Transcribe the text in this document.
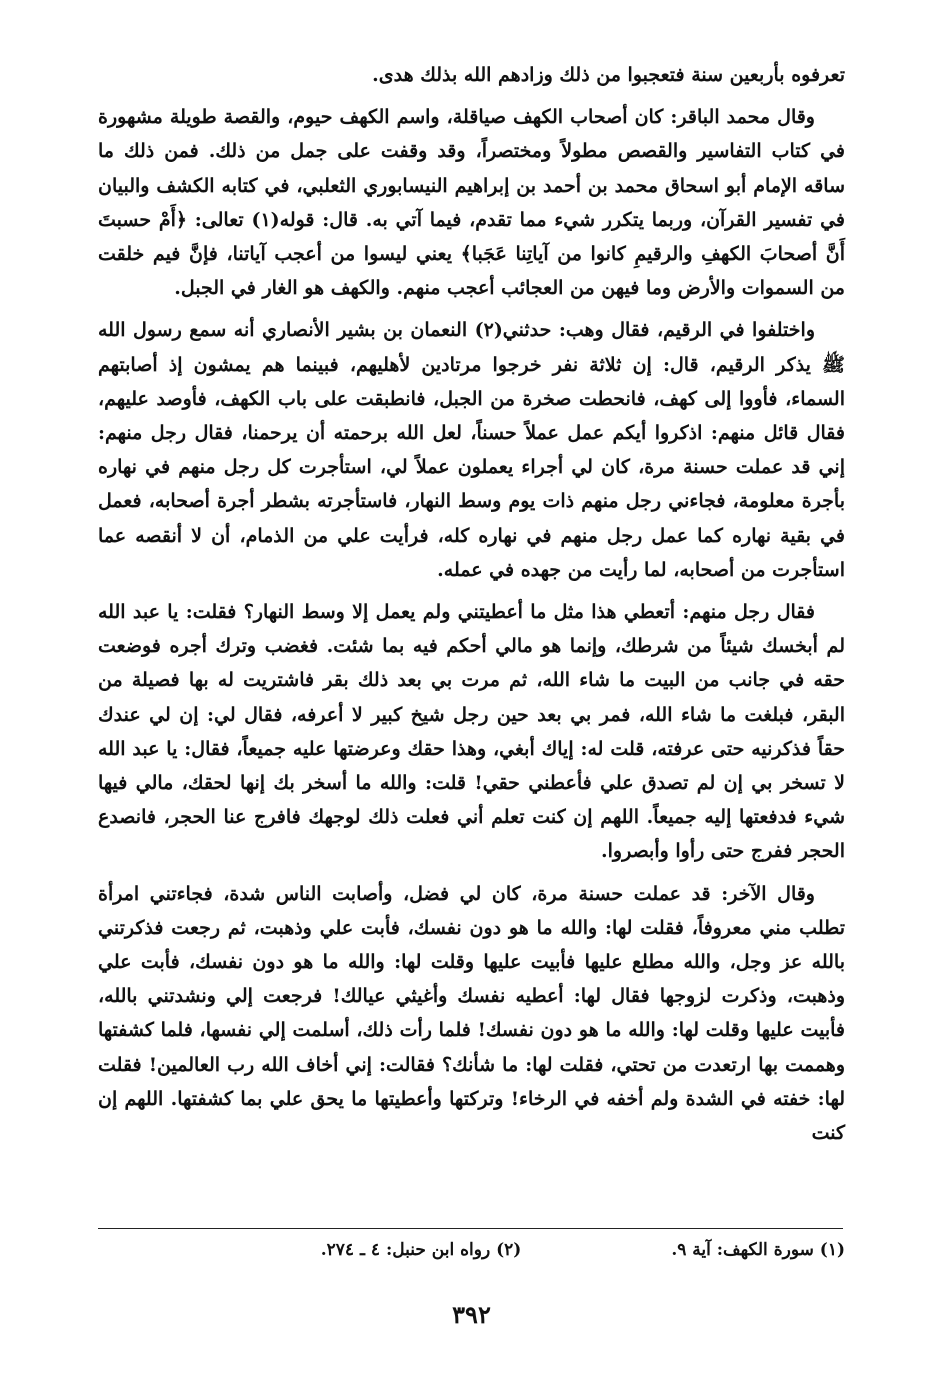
تعرفوه بأربعين سنة فتعجبوا من ذلك وزادهم الله بذلك هدى.

وقال محمد الباقر: كان أصحاب الكهف صياقلة، واسم الكهف حيوم، والقصة طويلة مشهورة في كتاب التفاسير والقصص مطولاً ومختصراً، وقد وقفت على جمل من ذلك. فمن ذلك ما ساقه الإمام أبو اسحاق محمد بن أحمد بن إبراهيم النيسابوري الثعلبي، في كتابه الكشف والبيان في تفسير القرآن، وربما يتكرر شيء مما تقدم، فيما آتي به. قال: قوله(١) تعالى: ﴿أَمْ حسبتَ أَنَّ أصحابَ الكهفِ والرقيمِ كانوا من آياتِنا عَجَبا﴾ يعني ليسوا من أعجب آياتنا، فإنَّ فيم خلقت من السموات والأرض وما فيهن من العجائب أعجب منهم. والكهف هو الغار في الجبل.

واختلفوا في الرقيم، فقال وهب: حدثني(٢) النعمان بن بشير الأنصاري أنه سمع رسول الله ﷺ يذكر الرقيم، قال: إن ثلاثة نفر خرجوا مرتادين لأهليهم، فبينما هم يمشون إذ أصابتهم السماء، فأووا إلى كهف، فانحطت صخرة من الجبل، فانطبقت على باب الكهف، فأوصد عليهم، فقال قائل منهم: اذكروا أيكم عمل عملاً حسناً، لعل الله برحمته أن يرحمنا، فقال رجل منهم: إني قد عملت حسنة مرة، كان لي أجراء يعملون عملاً لي، استأجرت كل رجل منهم في نهاره بأجرة معلومة، فجاءني رجل منهم ذات يوم وسط النهار، فاستأجرته بشطر أجرة أصحابه، فعمل في بقية نهاره كما عمل رجل منهم في نهاره كله، فرأيت علي من الذمام، أن لا أنقصه عما استأجرت من أصحابه، لما رأيت من جهده في عمله.

فقال رجل منهم: أتعطي هذا مثل ما أعطيتني ولم يعمل إلا وسط النهار؟ فقلت: يا عبد الله لم أبخسك شيئاً من شرطك، وإنما هو مالي أحكم فيه بما شئت. فغضب وترك أجره فوضعت حقه في جانب من البيت ما شاء الله، ثم مرت بي بعد ذلك بقر فاشتريت له بها فصيلة من البقر، فبلغت ما شاء الله، فمر بي بعد حين رجل شيخ كبير لا أعرفه، فقال لي: إن لي عندك حقاً فذكرنيه حتى عرفته، قلت له: إياك أبغي، وهذا حقك وعرضتها عليه جميعاً، فقال: يا عبد الله لا تسخر بي إن لم تصدق علي فأعطني حقي! قلت: والله ما أسخر بك إنها لحقك، مالي فيها شيء فدفعتها إليه جميعاً. اللهم إن كنت تعلم أني فعلت ذلك لوجهك فافرج عنا الحجر، فانصدع الحجر ففرج حتى رأوا وأبصروا.

وقال الآخر: قد عملت حسنة مرة، كان لي فضل، وأصابت الناس شدة، فجاءتني امرأة تطلب مني معروفاً، فقلت لها: والله ما هو دون نفسك، فأبت علي وذهبت، ثم رجعت فذكرتني بالله عز وجل، والله مطلع عليها فأبيت عليها وقلت لها: والله ما هو دون نفسك، فأبت علي وذهبت، وذكرت لزوجها فقال لها: أعطيه نفسك وأغيثي عيالك! فرجعت إلي ونشدتني بالله، فأبيت عليها وقلت لها: والله ما هو دون نفسك! فلما رأت ذلك، أسلمت إلي نفسها، فلما كشفتها وهممت بها ارتعدت من تحتي، فقلت لها: ما شأنك؟ فقالت: إني أخاف الله رب العالمين! فقلت لها: خفته في الشدة ولم أخفه في الرخاء! وتركتها وأعطيتها ما يحق علي بما كشفتها. اللهم إن كنت

(١) سورة الكهف: آية ٩.
(٢) رواه ابن حنبل: ٤ ـ ٢٧٤.
٣٩٢
